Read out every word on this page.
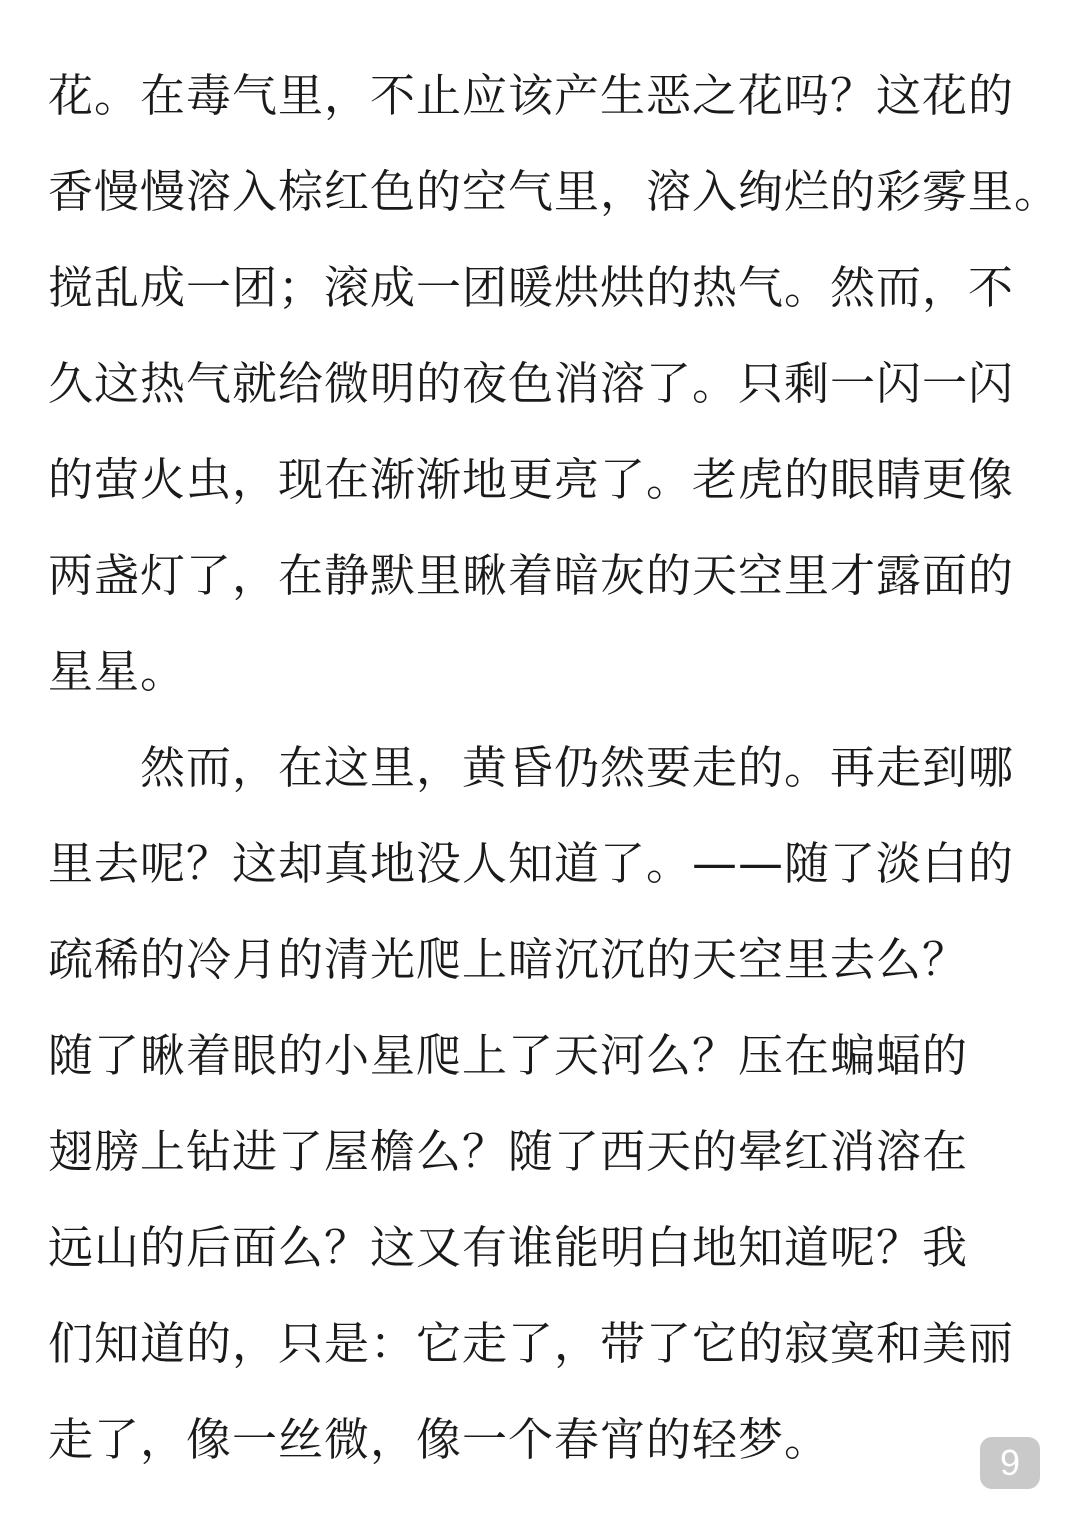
花。在毒气里，不止应该产生恶之花吗？这花的
香慢慢溶入棕红色的空气里，溶入绚烂的彩雾里。
搅乱成一团；滚成一团暖烘烘的热气。然而，不
久这热气就给微明的夜色消溶了。只剩一闪一闪
的萤火虫，现在渐渐地更亮了。老虎的眼睛更像
两盏灯了，在静默里瞅着暗灰的天空里才露面的
星星。
然而，在这里，黄昏仍然要走的。再走到哪
里去呢？这却真地没人知道了。——随了淡白的
疏稀的冷月的清光爬上暗沉沉的天空里去么？
随了瞅着眼的小星爬上了天河么？压在蝙蝠的
翅膀上钻进了屋檐么？随了西天的晕红消溶在
远山的后面么？这又有谁能明白地知道呢？我
们知道的，只是：它走了，带了它的寂寞和美丽
走了，像一丝微，像一个春宵的轻梦。	9
